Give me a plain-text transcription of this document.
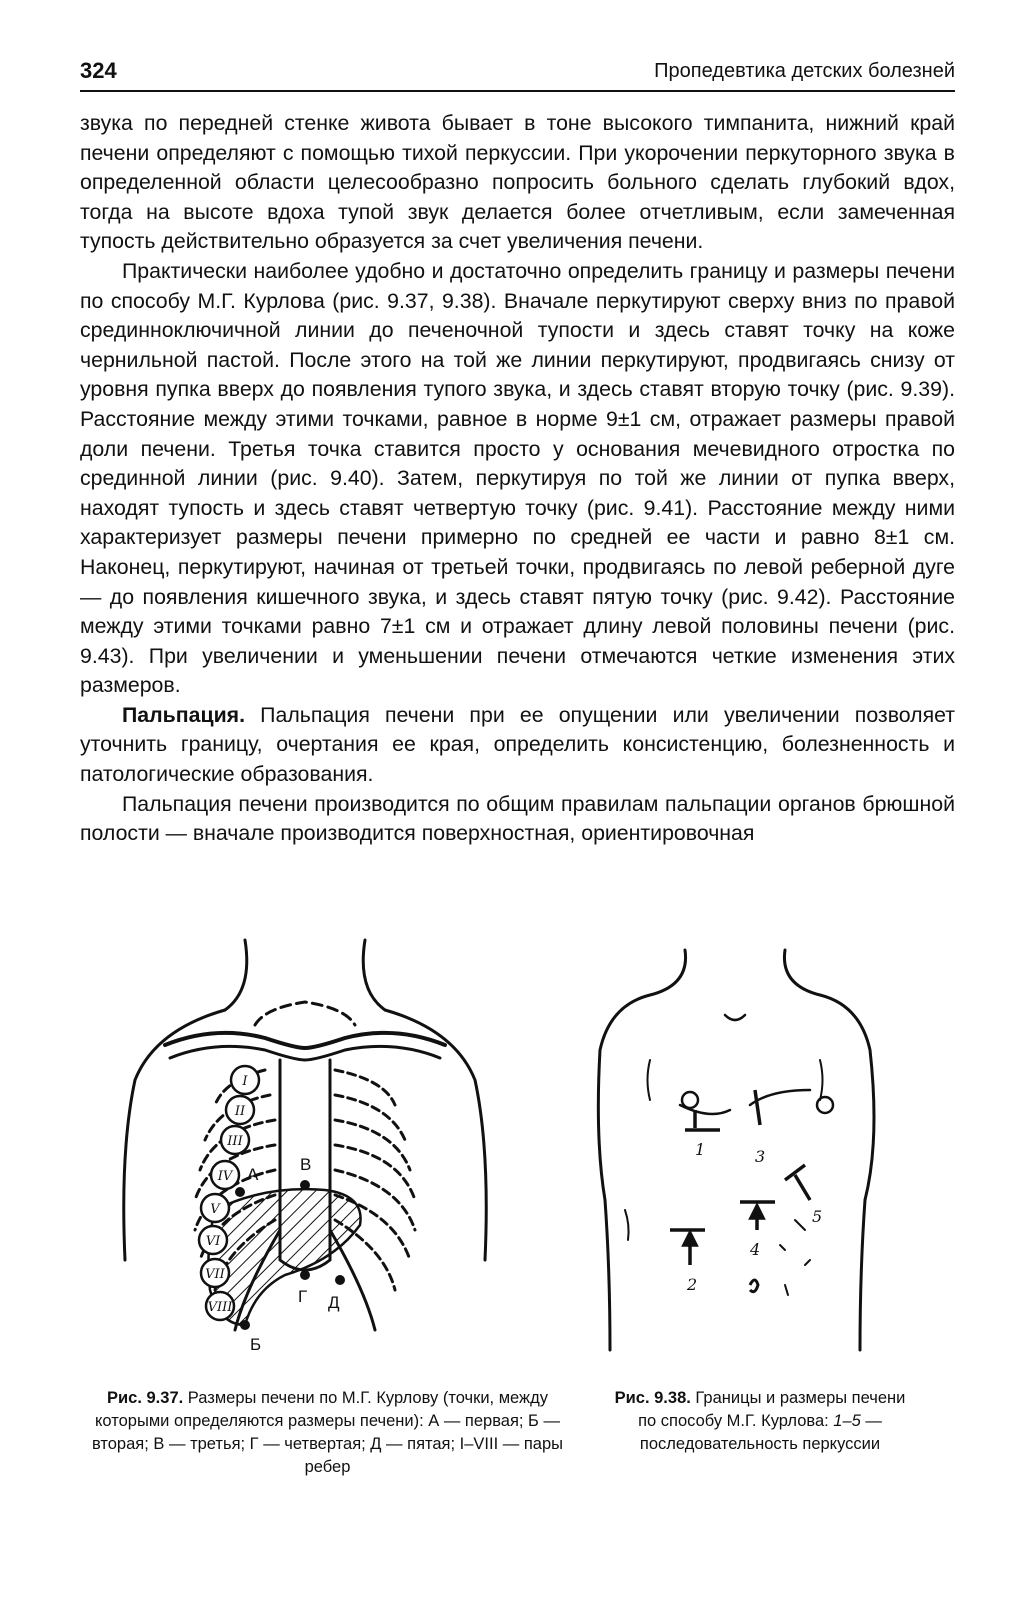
324	Пропедевтика детских болезней

звука по передней стенке живота бывает в тоне высокого тимпанита, нижний край печени определяют с помощью тихой перкуссии. При укорочении перкуторного звука в определенной области целесообразно попросить больного сделать глубокий вдох, тогда на высоте вдоха тупой звук делается более отчетливым, если замеченная тупость действительно образуется за счет увеличения печени.

Практически наиболее удобно и достаточно определить границу и размеры печени по способу М.Г. Курлова (рис. 9.37, 9.38). Вначале перкутируют сверху вниз по правой срединноключичной линии до печеночной тупости и здесь ставят точку на коже чернильной пастой. После этого на той же линии перкутируют, продвигаясь снизу от уровня пупка вверх до появления тупого звука, и здесь ставят вторую точку (рис. 9.39). Расстояние между этими точками, равное в норме 9±1 см, отражает размеры правой доли печени. Третья точка ставится просто у основания мечевидного отростка по срединной линии (рис. 9.40). Затем, перкутируя по той же линии от пупка вверх, находят тупость и здесь ставят четвертую точку (рис. 9.41). Расстояние между ними характеризует размеры печени примерно по средней ее части и равно 8±1 см. Наконец, перкутируют, начиная от третьей точки, продвигаясь по левой реберной дуге — до появления кишечного звука, и здесь ставят пятую точку (рис. 9.42). Расстояние между этими точками равно 7±1 см и отражает длину левой половины печени (рис. 9.43). При увеличении и уменьшении печени отмечаются четкие изменения этих размеров.

Пальпация. Пальпация печени при ее опущении или увеличении позволяет уточнить границу, очертания ее края, определить консистенцию, болезненность и патологические образования.

Пальпация печени производится по общим правилам пальпации органов брюшной полости — вначале производится поверхностная, ориентировочная

I
II
III
IV
V
VI
VII
VIII
А
Б
В
Г Д
1
2
3
4
5
Рис. 9.37. Размеры печени по М.Г. Курлову (точки, между которыми определяются размеры печени): А — первая; Б — вторая; В — третья; Г — четвертая; Д — пятая; I–VIII — пары ребер
Рис. 9.38. Границы и размеры печени по способу М.Г. Курлова: 1–5 — последовательность перкуссии
